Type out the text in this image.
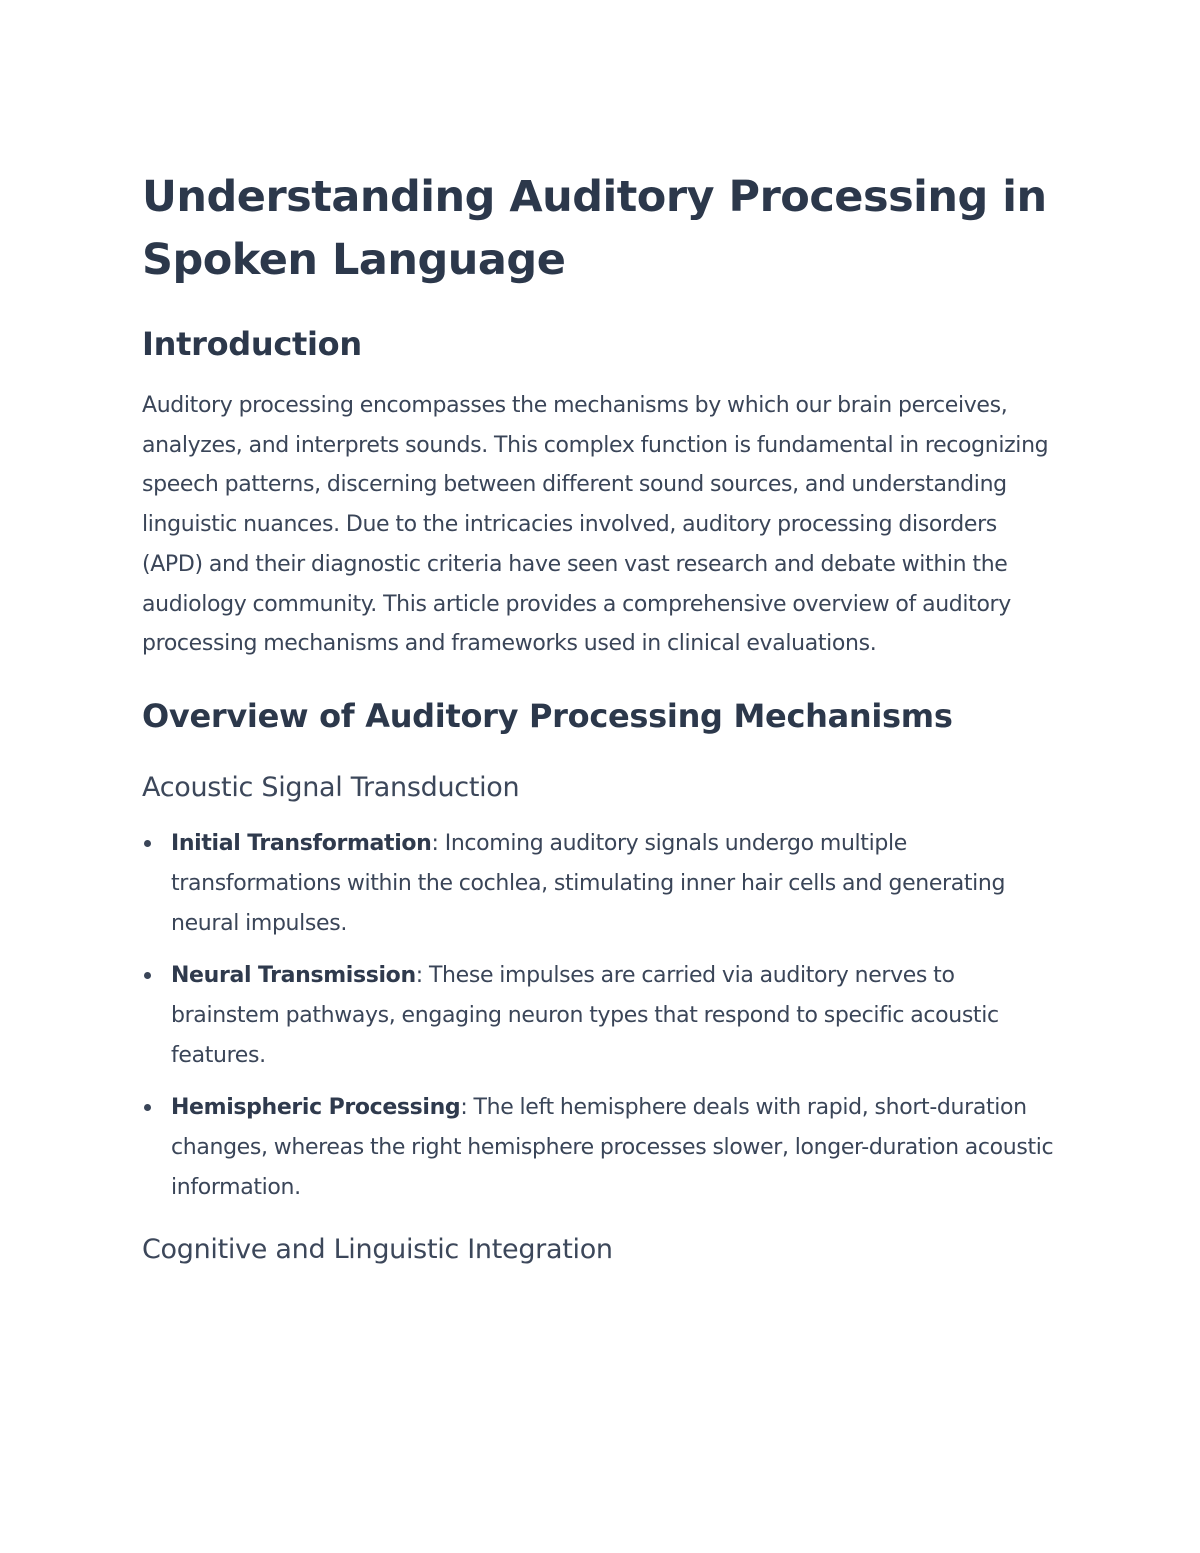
Understanding Auditory Processing in Spoken Language
Introduction

Auditory processing encompasses the mechanisms by which our brain perceives, analyzes, and interprets sounds. This complex function is fundamental in recognizing speech patterns, discerning between different sound sources, and understanding linguistic nuances. Due to the intricacies involved, auditory processing disorders (APD) and their diagnostic criteria have seen vast research and debate within the audiology community. This article provides a comprehensive overview of auditory processing mechanisms and frameworks used in clinical evaluations.

Overview of Auditory Processing Mechanisms
Acoustic Signal Transduction
Initial Transformation: Incoming auditory signals undergo multiple transformations within the cochlea, stimulating inner hair cells and generating neural impulses.
Neural Transmission: These impulses are carried via auditory nerves to brainstem pathways, engaging neuron types that respond to specific acoustic features.
Hemispheric Processing: The left hemisphere deals with rapid, short-duration changes, whereas the right hemisphere processes slower, longer-duration acoustic information.
Cognitive and Linguistic Integration
